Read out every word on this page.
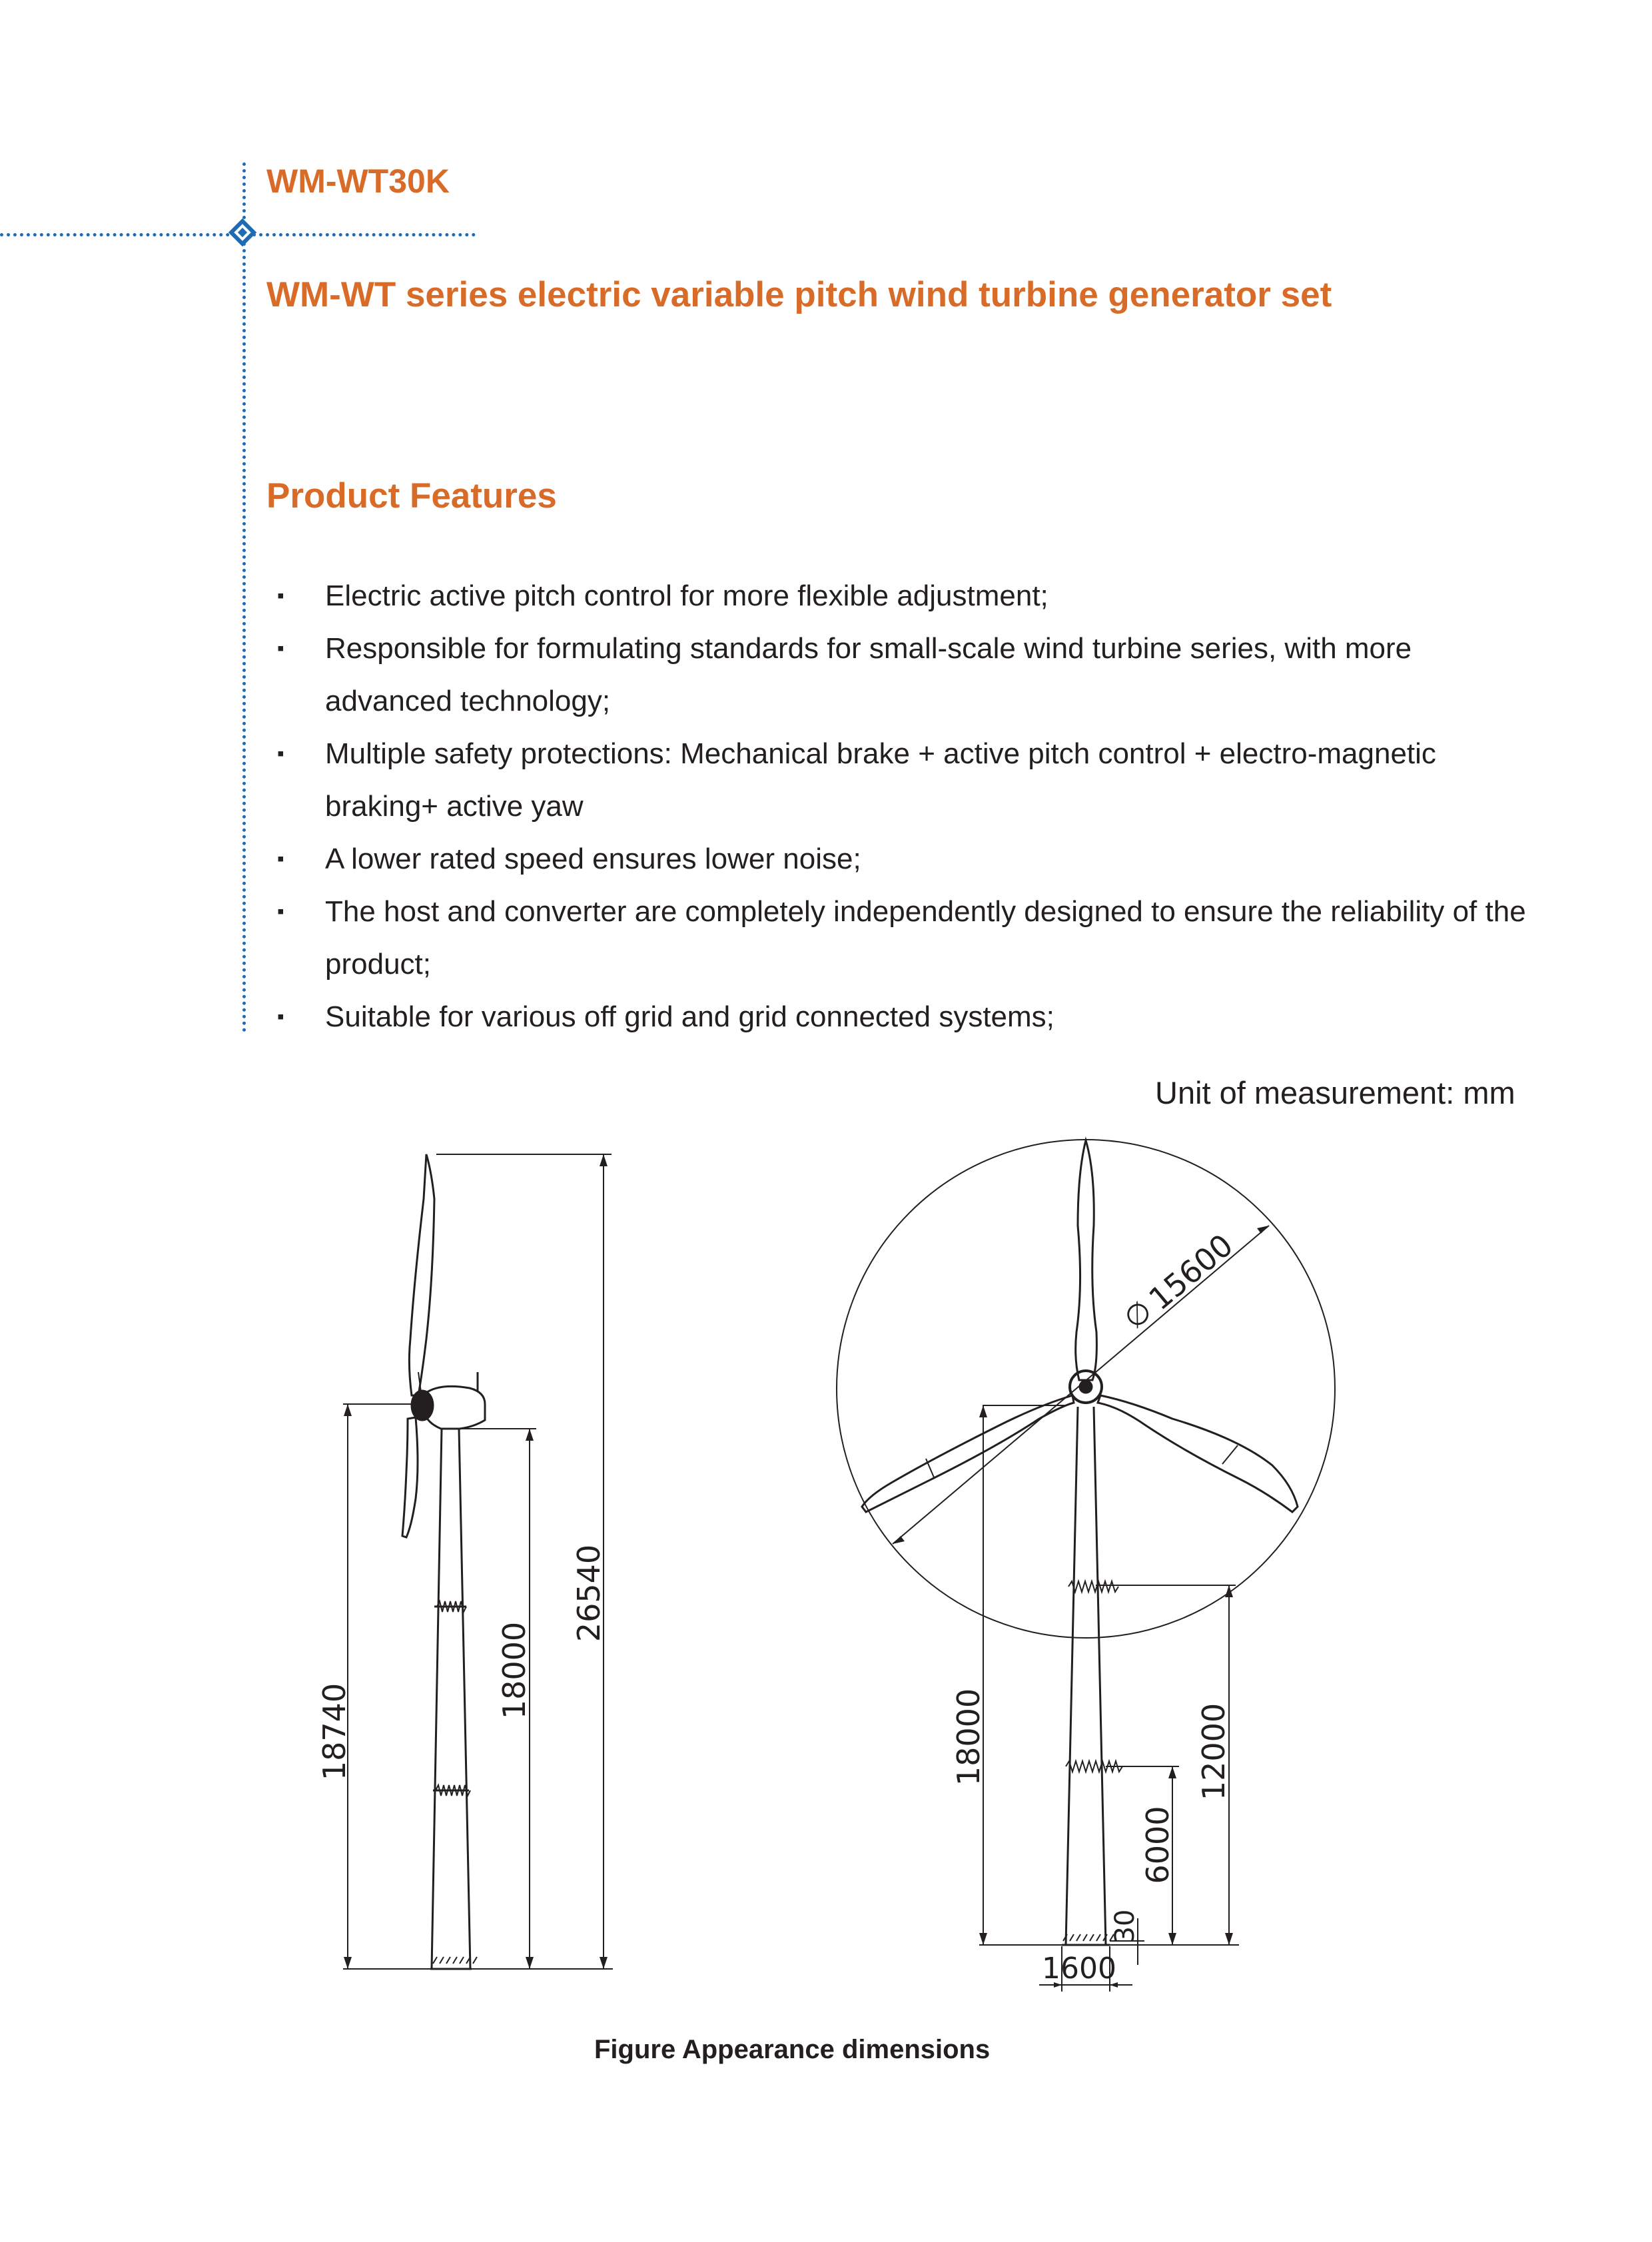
WM-WT30K
WM-WT series electric variable pitch wind turbine generator set
Product Features
▪ Electric active pitch control for more flexible adjustment;
▪ Responsible for formulating standards for small-scale wind turbine series, with more advanced technology;
▪ Multiple safety protections: Mechanical brake + active pitch control + electro-magnetic braking+ active yaw
▪ A lower rated speed ensures lower noise;
▪ The host and converter are completely independently designed to ensure the reliability of the product;
▪ Suitable for various off grid and grid connected systems;
Unit of measurement: mm
18740
18000
26540
∅
15600
18000	12000
6000
30
1600
Figure Appearance dimensions
